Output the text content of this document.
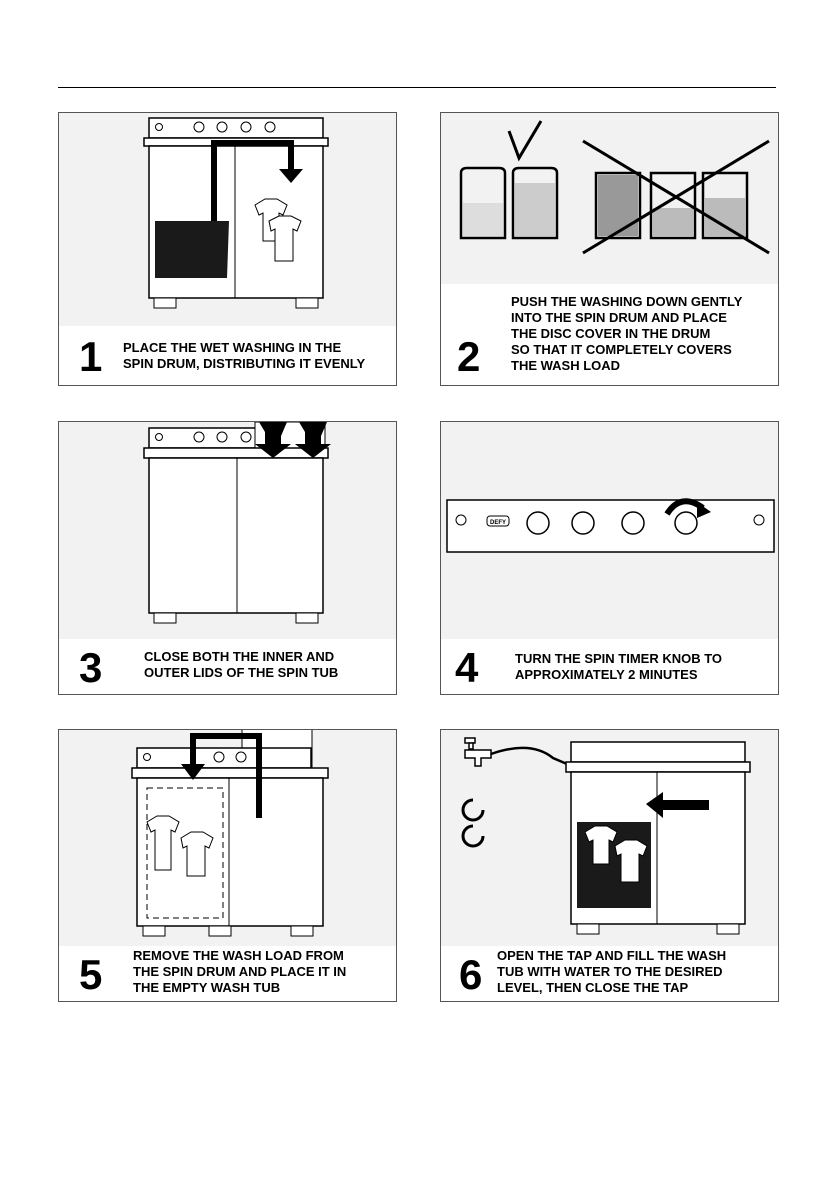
1 PLACE THE WET WASHING IN THE
SPIN DRUM, DISTRIBUTING IT EVENLY 2
PUSH THE WASHING DOWN GENTLY
INTO THE SPIN DRUM AND PLACE
THE DISC COVER IN THE DRUM
SO THAT IT COMPLETELY COVERS
THE WASH LOAD
3	CLOSE BOTH THE INNER AND
OUTER LIDS OF THE SPIN TUB
DEFY
4	TURN THE SPIN TIMER KNOB TO
APPROXIMATELY 2 MINUTES
5 REMOVE THE WASH LOAD FROM
THE SPIN DRUM AND PLACE IT IN
THE EMPTY WASH TUB	6 OPEN THE TAP AND FILL THE WASH
TUB WITH WATER TO THE DESIRED
LEVEL, THEN CLOSE THE TAP
